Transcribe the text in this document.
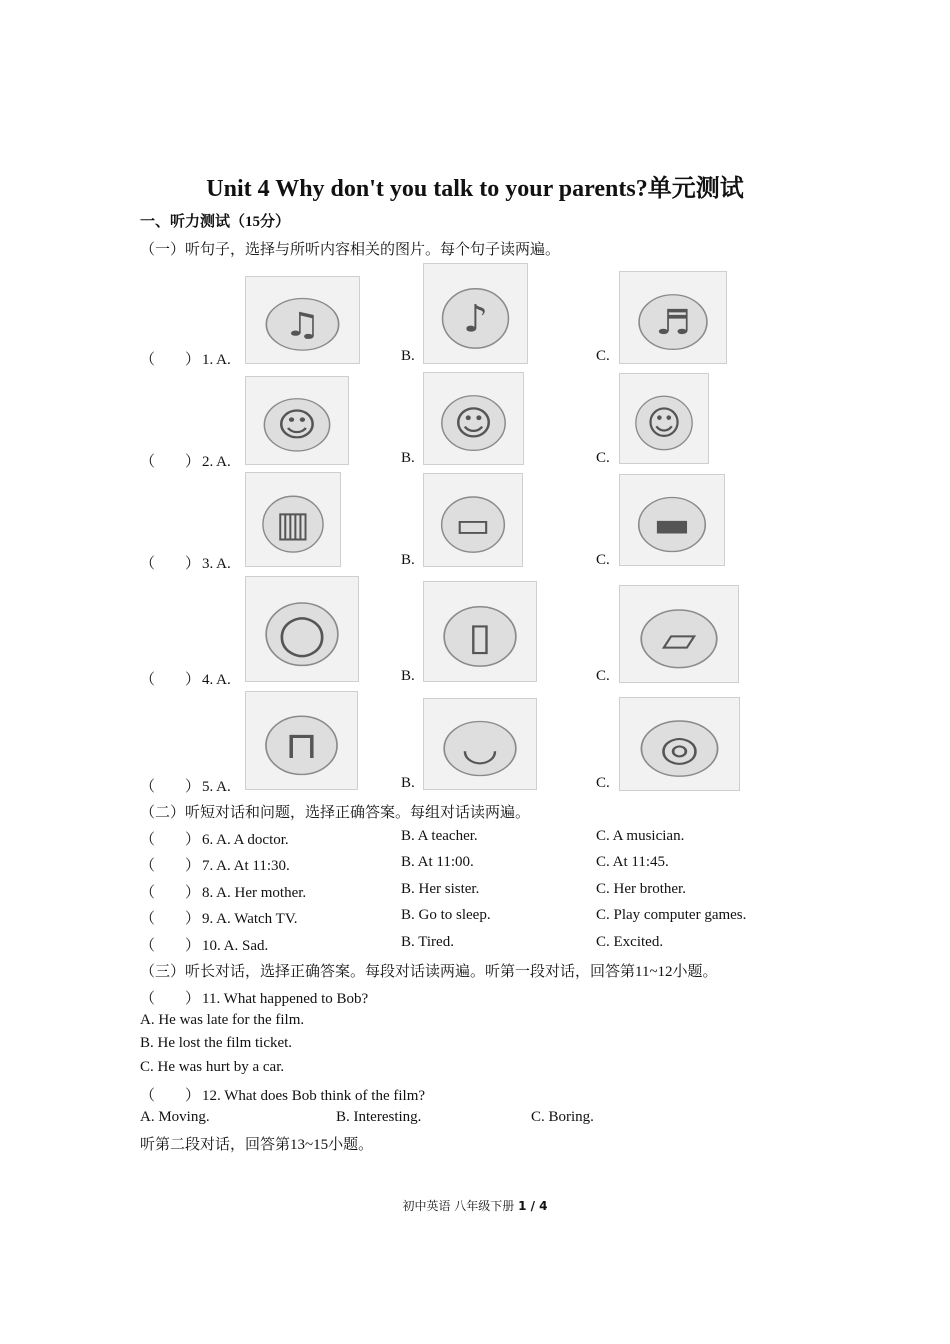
Unit 4 Why don't you talk to your parents?单元测试
一、听力测试（15分）
（一）听句子，选择与所听内容相关的图片。每个句子读两遍。
（　　） 1. A.	B.	C.
♫	♪	♬
（　　） 2. A.	B.	C.
☺	☺	☺
（　　） 3. A.	B.	C.
▥	▭	▬
（　　） 4. A.	B.	C.
◯	▯	▱
（　　） 5. A.	B.	C.
⊓	◡	◎
（二）听短对话和问题，选择正确答案。每组对话读两遍。
（　　） 6. A. A doctor.	B. A teacher.	C. A musician.
（　　） 7. A. At 11:30.	B. At 11:00.	C. At 11:45.
（　　） 8. A. Her mother.	B. Her sister.	C. Her brother.
（　　） 9. A. Watch TV.	B. Go to sleep.	C. Play computer games.
（　　） 10. A. Sad.	B. Tired.	C. Excited.
（三）听长对话，选择正确答案。每段对话读两遍。听第一段对话，回答第11~12小题。
（　　） 11. What happened to Bob?
A. He was late for the film.
B. He lost the film ticket.
C. He was hurt by a car.
（　　） 12. What does Bob think of the film?
A. Moving.	B. Interesting.	C. Boring.
听第二段对话，回答第13~15小题。
初中英语 八年级下册 1 / 4
